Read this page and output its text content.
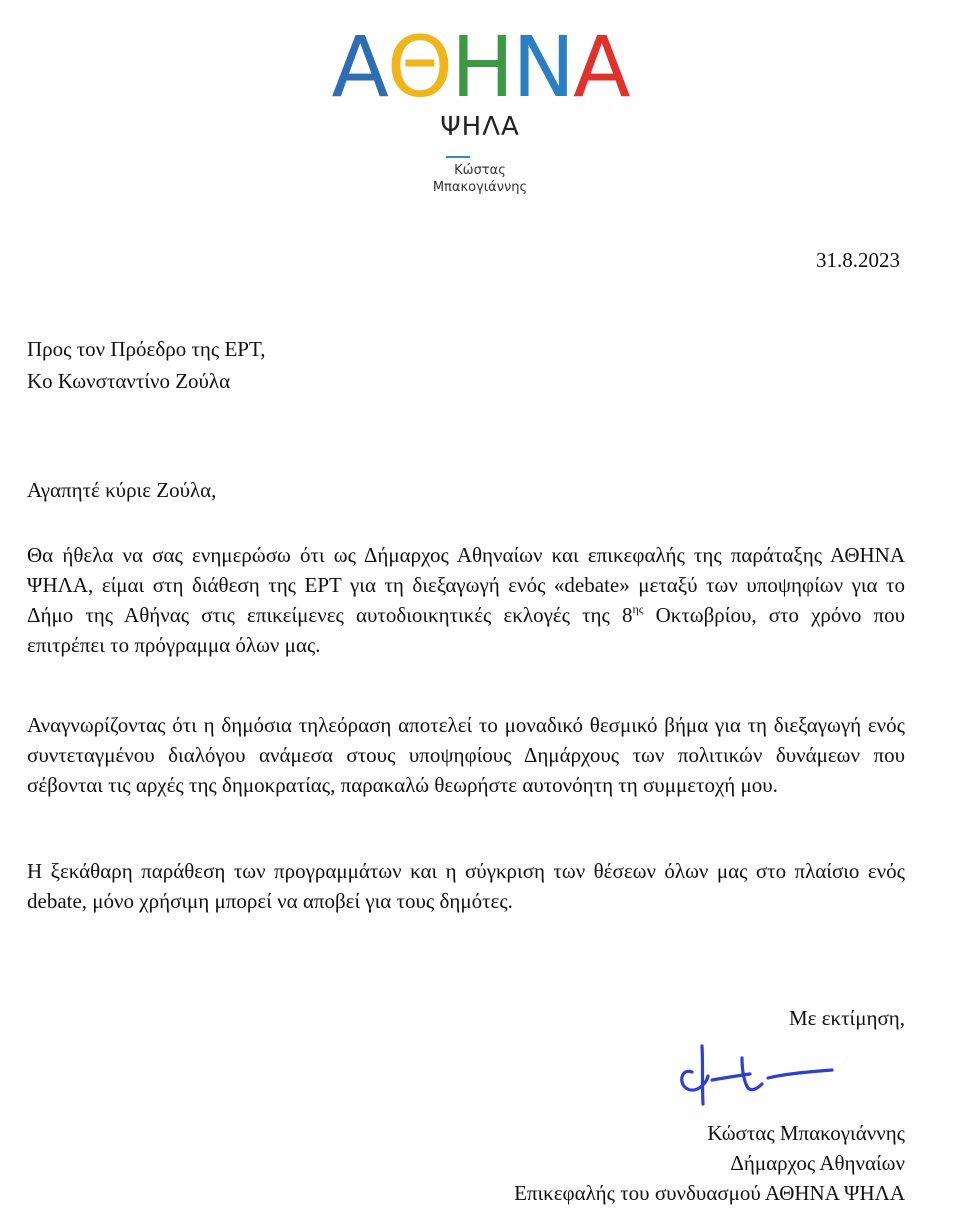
ΑΘΗΝΑ
ΨΗΛΑ
Κώστας
Μπακογιάννης
31.8.2023
Προς τον Πρόεδρο της ΕΡΤ,
Κο Κωνσταντίνο Ζούλα
Αγαπητέ κύριε Ζούλα,
Θα ήθελα να σας ενημερώσω ότι ως Δήμαρχος Αθηναίων και επικεφαλής της παράταξης ΑΘΗΝΑ ΨΗΛΑ, είμαι στη διάθεση της ΕΡΤ για τη διεξαγωγή ενός «debate» μεταξύ των υποψηφίων για το Δήμο της Αθήνας στις επικείμενες αυτοδιοικητικές εκλογές της $8^{\eta\varsigma}$ Οκτωβρίου, στο χρόνο που επιτρέπει το πρόγραμμα όλων μας.
Αναγνωρίζοντας ότι η δημόσια τηλεόραση αποτελεί το μοναδικό θεσμικό βήμα για τη διεξαγωγή ενός συντεταγμένου διαλόγου ανάμεσα στους υποψηφίους Δημάρχους των πολιτικών δυνάμεων που σέβονται τις αρχές της δημοκρατίας, παρακαλώ θεωρήστε αυτονόητη τη συμμετοχή μου.
Η ξεκάθαρη παράθεση των προγραμμάτων και η σύγκριση των θέσεων όλων μας στο πλαίσιο ενός debate, μόνο χρήσιμη μπορεί να αποβεί για τους δημότες.
Με εκτίμηση,
Κώστας Μπακογιάννης
Δήμαρχος Αθηναίων
Επικεφαλής του συνδυασμού ΑΘΗΝΑ ΨΗΛΑ
